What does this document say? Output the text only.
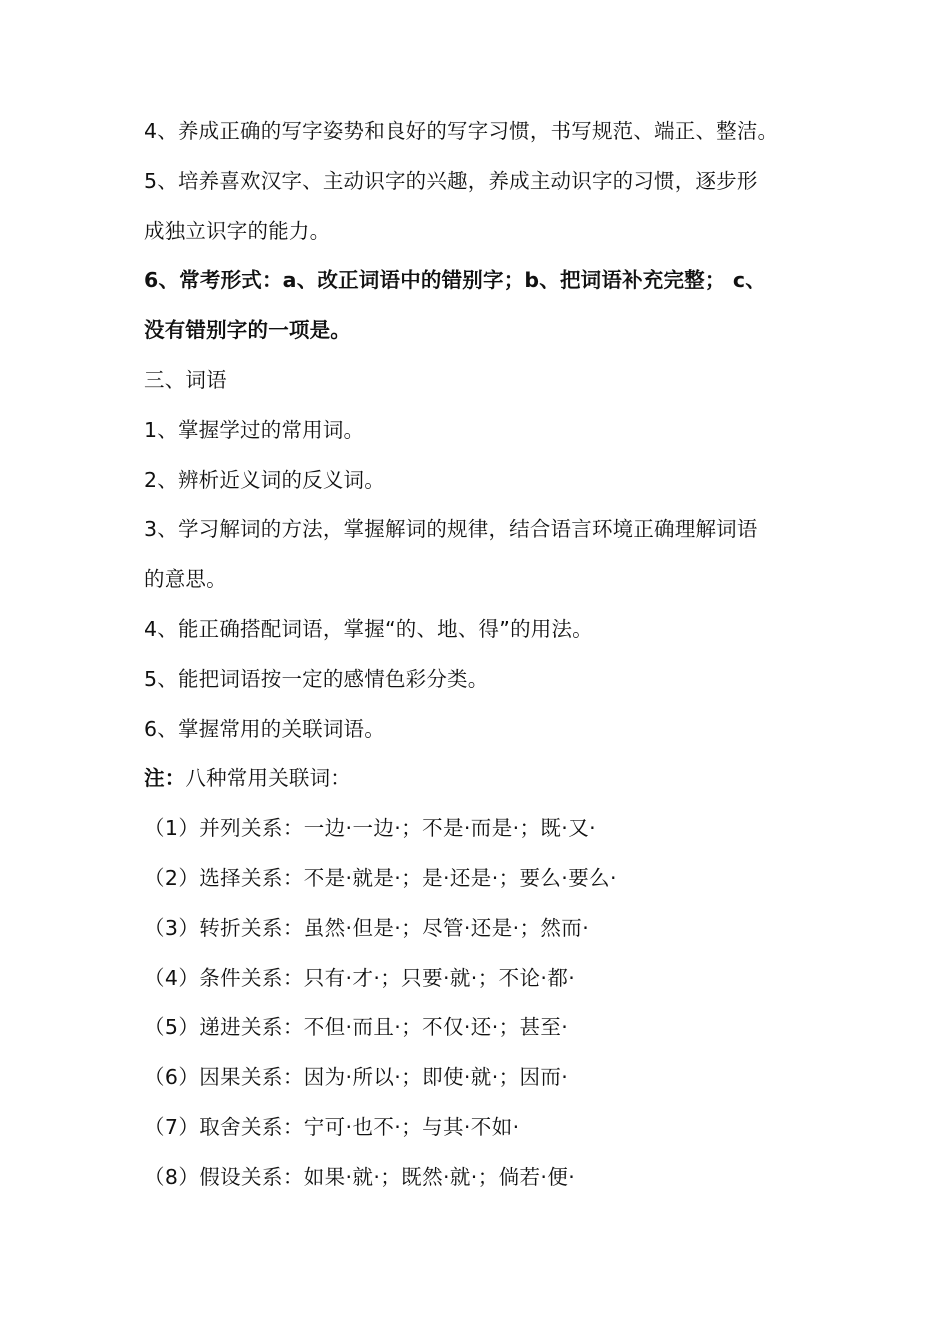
4、养成正确的写字姿势和良好的写字习惯，书写规范、端正、整洁。
5、培养喜欢汉字、主动识字的兴趣，养成主动识字的习惯，逐步形
成独立识字的能力。
6、常考形式：a、改正词语中的错别字；b、把词语补充完整； c、
没有错别字的一项是。
三、词语
1、掌握学过的常用词。
2、辨析近义词的反义词。
3、学习解词的方法，掌握解词的规律，结合语言环境正确理解词语
的意思。
4、能正确搭配词语，掌握“的、地、得”的用法。
5、能把词语按一定的感情色彩分类。
6、掌握常用的关联词语。
注：八种常用关联词：
（1）并列关系：一边·一边·；不是·而是·；既·又·
（2）选择关系：不是·就是·；是·还是·；要么·要么·
（3）转折关系：虽然·但是·；尽管·还是·；然而·
（4）条件关系：只有·才·；只要·就·；不论·都·
（5）递进关系：不但·而且·；不仅·还·；甚至·
（6）因果关系：因为·所以·；即使·就·；因而·
（7）取舍关系：宁可·也不·；与其·不如·
（8）假设关系：如果·就·；既然·就·；倘若·便·
